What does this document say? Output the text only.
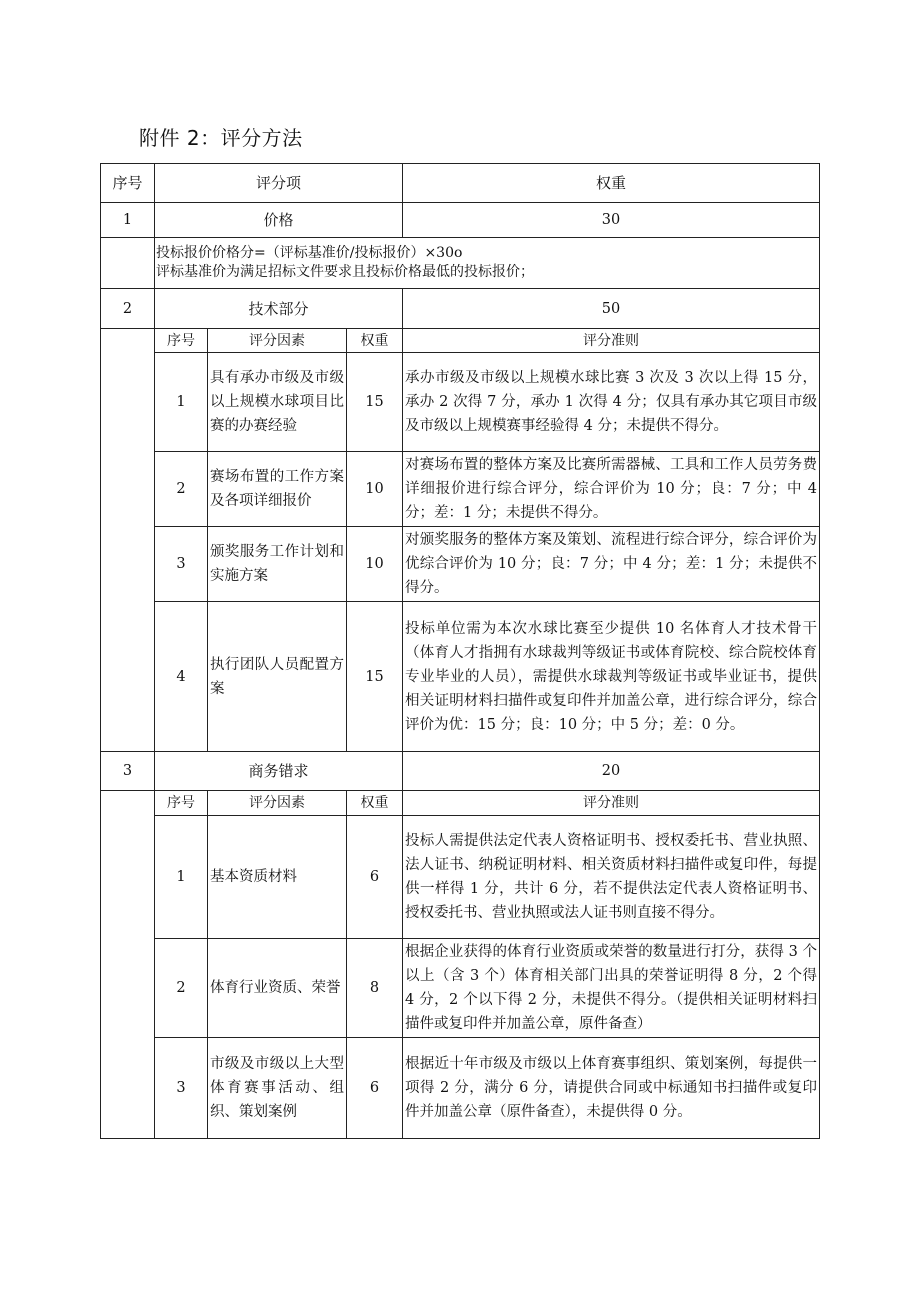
附件 2：评分方法
序号	评分项			权重
1	价格			30

	投标报价价格分=（评标基准价/投标报价）×30o
评标基准价为满足招标文件要求且投标价格最低的投标报价；			

2	技术部分			50
	序号	评分因素	权重	评分准则
	1	具有承办市级及市级以上规模水球项目比赛的办赛经验	15	承办市级及市级以上规模水球比赛 3 次及 3 次以上得 15 分，承办 2 次得 7 分，承办 1 次得 4 分；仅具有承办其它项目市级及市级以上规模赛事经验得 4 分；未提供不得分。
	2	赛场布置的工作方案及各项详细报价	10	对赛场布置的整体方案及比赛所需器械、工具和工作人员劳务费详细报价进行综合评分，综合评价为 10 分；良：7 分；中 4 分；差：1 分；未提供不得分。
	3	颁奖服务工作计划和实施方案	10	对颁奖服务的整体方案及策划、流程进行综合评分，综合评价为优综合评价为 10 分；良：7 分；中 4 分；差：1 分；未提供不得分。
	4	执行团队人员配置方案	15	投标单位需为本次水球比赛至少提供 10 名体育人才技术骨干（体育人才指拥有水球裁判等级证书或体育院校、综合院校体育专业毕业的人员），需提供水球裁判等级证书或毕业证书，提供相关证明材料扫描件或复印件并加盖公章，进行综合评分，综合评价为优：15 分；良：10 分；中 5 分；差：0 分。
3	商务错求			20
	序号	评分因素	权重	评分准则
	1	基本资质材料	6	投标人需提供法定代表人资格证明书、授权委托书、营业执照、法人证书、纳税证明材料、相关资质材料扫描件或复印件，每提供一样得 1 分，共计 6 分，若不提供法定代表人资格证明书、授权委托书、营业执照或法人证书则直接不得分。
	2	体育行业资质、荣誉	8	根据企业获得的体育行业资质或荣誉的数量进行打分，获得 3 个以上（含 3 个）体育相关部门出具的荣誉证明得 8 分，2 个得 4 分，2 个以下得 2 分，未提供不得分。（提供相关证明材料扫描件或复印件并加盖公章，原件备查）
	3	市级及市级以上大型体育赛事活动、组织、策划案例	6	根据近十年市级及市级以上体育赛事组织、策划案例，每提供一项得 2 分，满分 6 分，请提供合同或中标通知书扫描件或复印件并加盖公章（原件备查），未提供得 0 分。
